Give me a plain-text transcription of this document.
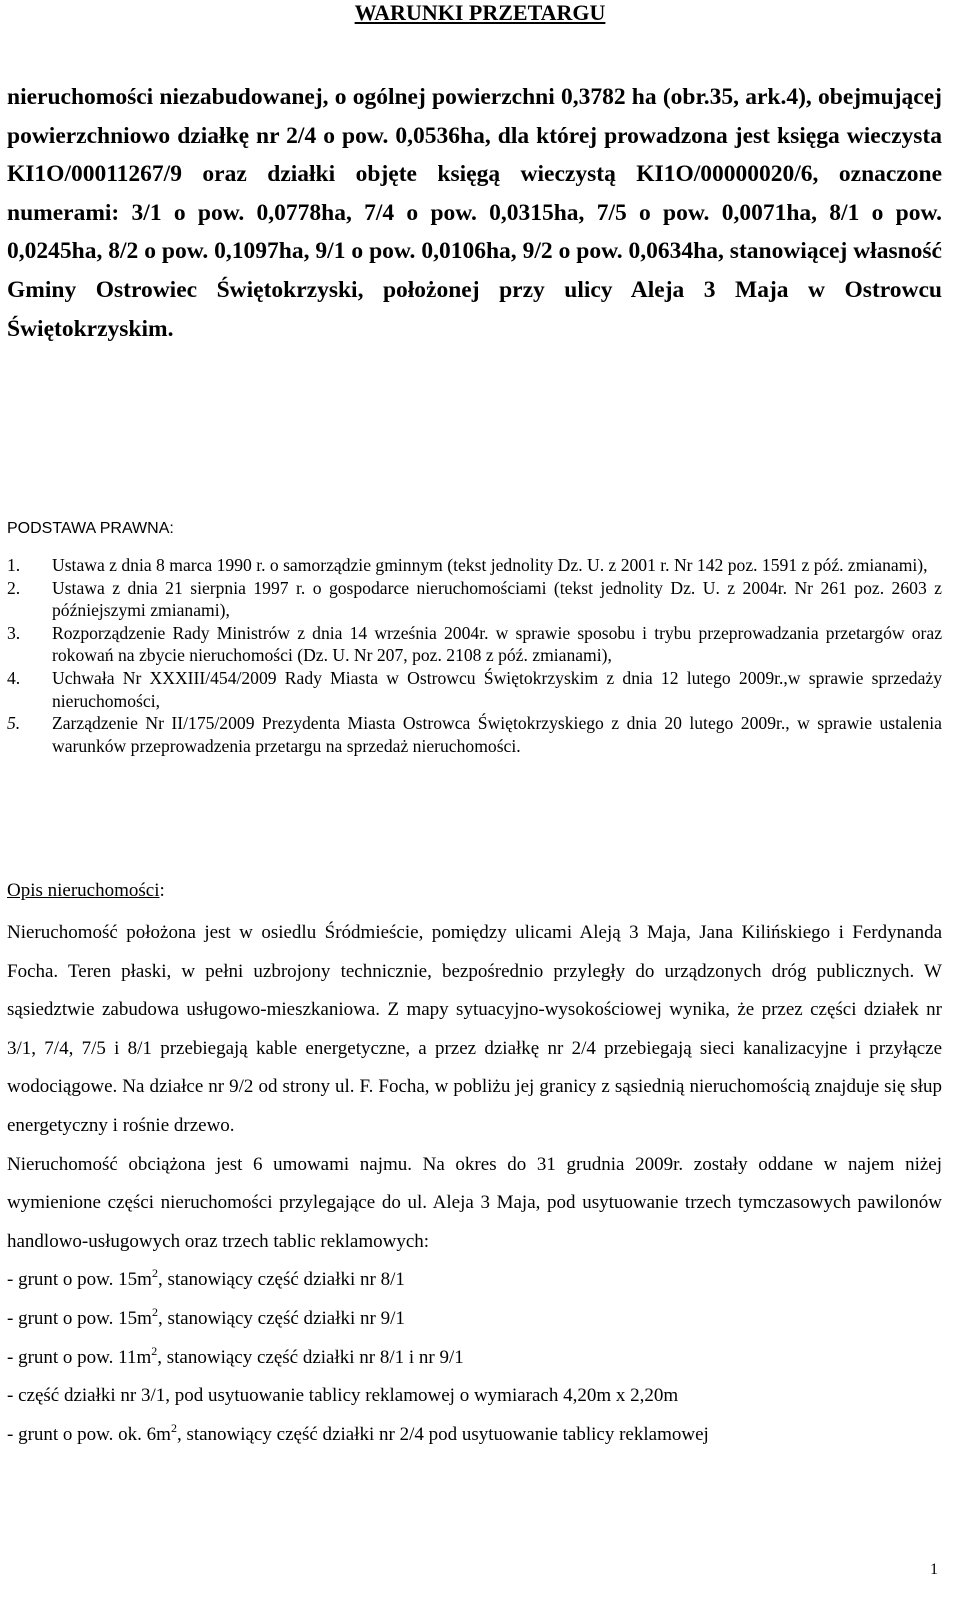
WARUNKI PRZETARGU

nieruchomości niezabudowanej, o ogólnej powierzchni 0,3782 ha (obr.35, ark.4), obejmującej powierzchniowo działkę nr 2/4 o pow. 0,0536ha, dla której prowadzona jest księga wieczysta KI1O/00011267/9 oraz działki objęte księgą wieczystą KI1O/00000020/6, oznaczone numerami: 3/1 o pow. 0,0778ha, 7/4 o pow. 0,0315ha, 7/5 o pow. 0,0071ha, 8/1 o pow. 0,0245ha, 8/2 o pow. 0,1097ha, 9/1 o pow. 0,0106ha, 9/2 o pow. 0,0634ha, stanowiącej własność Gminy Ostrowiec Świętokrzyski, położonej przy ulicy Aleja 3 Maja w Ostrowcu Świętokrzyskim.

PODSTAWA PRAWNA:

1. Ustawa z dnia 8 marca 1990 r. o samorządzie gminnym (tekst jednolity Dz. U. z 2001 r. Nr 142 poz. 1591 z póź. zmianami),
2. Ustawa z dnia 21 sierpnia 1997 r. o gospodarce nieruchomościami (tekst jednolity Dz. U. z 2004r. Nr 261 poz. 2603 z późniejszymi zmianami),
3. Rozporządzenie Rady Ministrów z dnia 14 września 2004r. w sprawie sposobu i trybu przeprowadzania przetargów oraz rokowań na zbycie nieruchomości (Dz. U. Nr 207, poz. 2108 z póź. zmianami),
4. Uchwała Nr XXXIII/454/2009 Rady Miasta w Ostrowcu Świętokrzyskim z dnia 12 lutego 2009r.,w sprawie sprzedaży nieruchomości,
5. Zarządzenie Nr II/175/2009 Prezydenta Miasta Ostrowca Świętokrzyskiego z dnia 20 lutego 2009r., w sprawie ustalenia warunków przeprowadzenia przetargu na sprzedaż nieruchomości.

Opis nieruchomości:

Nieruchomość położona jest w osiedlu Śródmieście, pomiędzy ulicami Aleją 3 Maja, Jana Kilińskiego i Ferdynanda Focha. Teren płaski, w pełni uzbrojony technicznie, bezpośrednio przyległy do urządzonych dróg publicznych. W sąsiedztwie zabudowa usługowo-mieszkaniowa. Z mapy sytuacyjno-wysokościowej wynika, że przez części działek nr 3/1, 7/4, 7/5 i 8/1 przebiegają kable energetyczne, a przez działkę nr 2/4 przebiegają sieci kanalizacyjne i przyłącze wodociągowe. Na działce nr 9/2 od strony ul. F. Focha, w pobliżu jej granicy z sąsiednią nieruchomością znajduje się słup energetyczny i rośnie drzewo.

Nieruchomość obciążona jest 6 umowami najmu. Na okres do 31 grudnia 2009r. zostały oddane w najem niżej wymienione części nieruchomości przylegające do ul. Aleja 3 Maja, pod usytuowanie trzech tymczasowych pawilonów handlowo-usługowych oraz trzech tablic reklamowych:

- grunt o pow. $15m^2$, stanowiący część działki nr 8/1
- grunt o pow. $15m^2$, stanowiący część działki nr 9/1
- grunt o pow. $11m^2$, stanowiący część działki nr 8/1 i nr 9/1
- część działki nr 3/1, pod usytuowanie tablicy reklamowej o wymiarach 4,20m x 2,20m
- grunt o pow. ok. $6m^2$, stanowiący część działki nr 2/4 pod usytuowanie tablicy reklamowej
1
